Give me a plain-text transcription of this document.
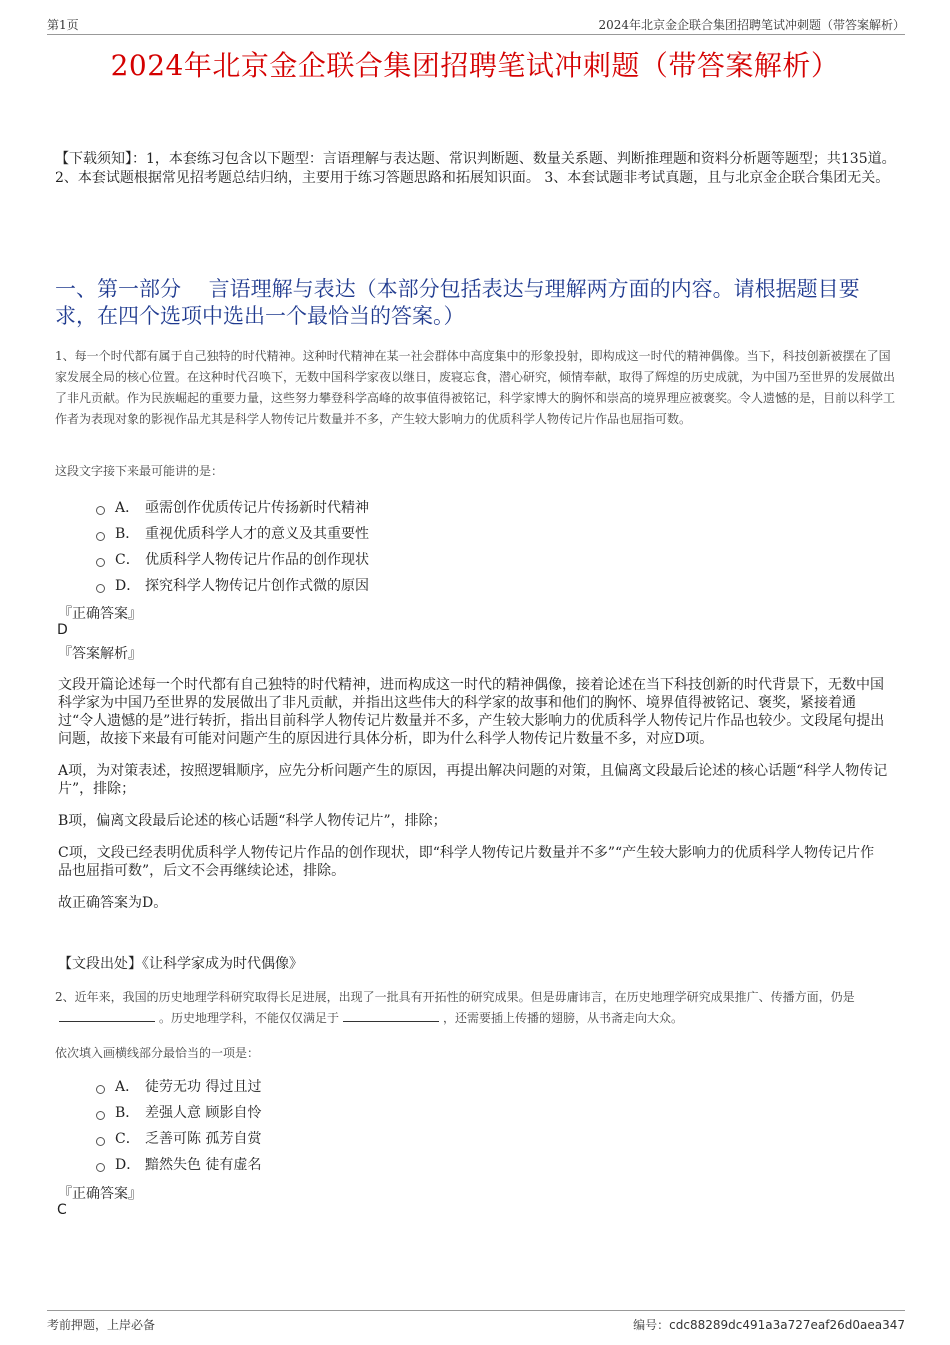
第1页	2024年北京金企联合集团招聘笔试冲刺题（带答案解析）
2024年北京金企联合集团招聘笔试冲刺题（带答案解析）
【下载须知】：1，本套练习包含以下题型：言语理解与表达题、常识判断题、数量关系题、判断推理题和资料分析题等题型；共135道。 2、本套试题根据常见招考题总结归纳，主要用于练习答题思路和拓展知识面。 3、本套试题非考试真题，且与北京金企联合集团无关。
一、第一部分　 言语理解与表达（本部分包括表达与理解两方面的内容。请根据题目要求，在四个选项中选出一个最恰当的答案。）
1、每一个时代都有属于自己独特的时代精神。这种时代精神在某一社会群体中高度集中的形象投射，即构成这一时代的精神偶像。当下，科技创新被摆在了国家发展全局的核心位置。在这种时代召唤下，无数中国科学家夜以继日，废寝忘食，潜心研究，倾情奉献，取得了辉煌的历史成就，为中国乃至世界的发展做出了非凡贡献。作为民族崛起的重要力量，这些努力攀登科学高峰的故事值得被铭记，科学家博大的胸怀和崇高的境界理应被褒奖。令人遗憾的是，目前以科学工作者为表现对象的影视作品尤其是科学人物传记片数量并不多，产生较大影响力的优质科学人物传记片作品也屈指可数。
这段文字接下来最可能讲的是：
A． 亟需创作优质传记片传扬新时代精神
B． 重视优质科学人才的意义及其重要性
C． 优质科学人物传记片作品的创作现状
D． 探究科学人物传记片创作式微的原因
『正确答案』
D
『答案解析』

文段开篇论述每一个时代都有自己独特的时代精神，进而构成这一时代的精神偶像，接着论述在当下科技创新的时代背景下，无数中国科学家为中国乃至世界的发展做出了非凡贡献，并指出这些伟大的科学家的故事和他们的胸怀、境界值得被铭记、褒奖，紧接着通过“令人遗憾的是”进行转折，指出目前科学人物传记片数量并不多，产生较大影响力的优质科学人物传记片作品也较少。文段尾句提出问题，故接下来最有可能对问题产生的原因进行具体分析，即为什么科学人物传记片数量不多，对应D项。

A项，为对策表述，按照逻辑顺序，应先分析问题产生的原因，再提出解决问题的对策，且偏离文段最后论述的核心话题“科学人物传记片”，排除；

B项，偏离文段最后论述的核心话题“科学人物传记片”，排除；

C项，文段已经表明优质科学人物传记片作品的创作现状，即“科学人物传记片数量并不多”“产生较大影响力的优质科学人物传记片作品也屈指可数”，后文不会再继续论述，排除。

故正确答案为D。

【文段出处】《让科学家成为时代偶像》
2、近年来，我国的历史地理学科研究取得长足进展，出现了一批具有开拓性的研究成果。但是毋庸讳言，在历史地理学研究成果推广、传播方面，仍是。历史地理学科，不能仅仅满足于	，还需要插上传播的翅膀，从书斋走向大众。
依次填入画横线部分最恰当的一项是：
A． 徒劳无功 得过且过
B． 差强人意 顾影自怜
C． 乏善可陈 孤芳自赏
D． 黯然失色 徒有虚名
『正确答案』
C
考前押题，上岸必备	编号：cdc88289dc491a3a727eaf26d0aea347
